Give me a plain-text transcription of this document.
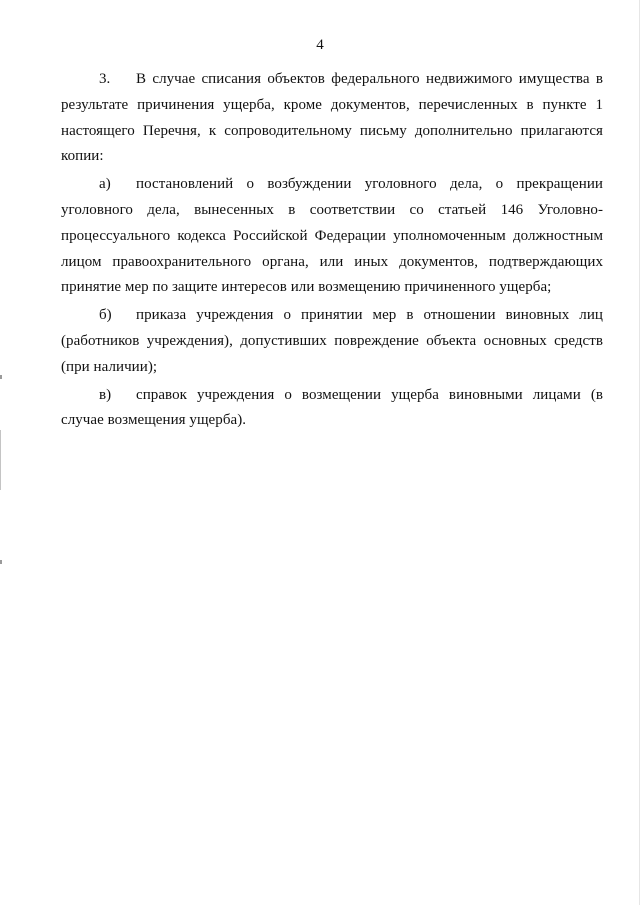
4

3. В случае списания объектов федерального недвижимого имущества в результате причинения ущерба, кроме документов, перечисленных в пункте 1 настоящего Перечня, к сопроводительному письму дополнительно прилагаются копии:

а) постановлений о возбуждении уголовного дела, о прекращении уголовного дела, вынесенных в соответствии со статьей 146 Уголовно-процессуального кодекса Российской Федерации уполномоченным должностным лицом правоохранительного органа, или иных документов, подтверждающих принятие мер по защите интересов или возмещению причиненного ущерба;

б) приказа учреждения о принятии мер в отношении виновных лиц (работников учреждения), допустивших повреждение объекта основных средств (при наличии);

в) справок учреждения о возмещении ущерба виновными лицами (в случае возмещения ущерба).
